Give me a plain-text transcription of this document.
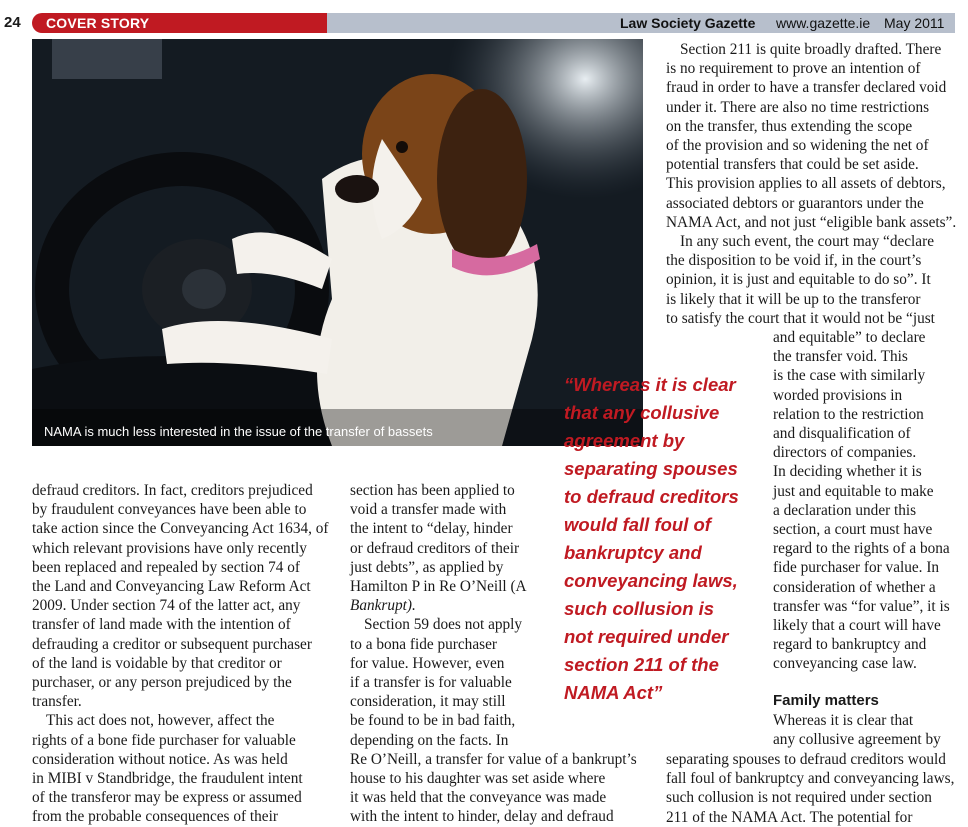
24 COVER STORY	Law Society Gazette www.gazette.ie May 2011
NAMA is much less interested in the issue of the transfer of bassets

defraud creditors. In fact, creditors prejudiced

by fraudulent conveyances have been able to

take action since the Conveyancing Act 1634, of

which relevant provisions have only recently

been replaced and repealed by section 74 of

the Land and Conveyancing Law Reform Act

2009. Under section 74 of the latter act, any

transfer of land made with the intention of

defrauding a creditor or subsequent purchaser

of the land is voidable by that creditor or

purchaser, or any person prejudiced by the

transfer.

This act does not, however, affect the

rights of a bone fide purchaser for valuable

consideration without notice. As was held

in MIBI v Standbridge, the fraudulent intent

of the transferor may be express or assumed

from the probable consequences of their

section has been applied to

void a transfer made with

the intent to “delay, hinder

or defraud creditors of their

just debts”, as applied by

Hamilton P in Re O’Neill (A

Bankrupt).

Section 59 does not apply

to a bona fide purchaser

for value. However, even

if a transfer is for valuable

consideration, it may still

be found to be in bad faith,

depending on the facts. In

Re O’Neill, a transfer for value of a bankrupt’s

house to his daughter was set aside where

it was held that the conveyance was made

with the intent to hinder, delay and defraud

“Whereas it is clear

that any collusive

agreement by

separating spouses

to defraud creditors

would fall foul of

bankruptcy and

conveyancing laws,

such collusion is

not required under

section 211 of the

NAMA Act”

Section 211 is quite broadly drafted. There

is no requirement to prove an intention of

fraud in order to have a transfer declared void

under it. There are also no time restrictions

on the transfer, thus extending the scope

of the provision and so widening the net of

potential transfers that could be set aside.

This provision applies to all assets of debtors,

associated debtors or guarantors under the

NAMA Act, and not just “eligible bank assets”.

In any such event, the court may “declare

the disposition to be void if, in the court’s

opinion, it is just and equitable to do so”. It

is likely that it will be up to the transferor

to satisfy the court that it would not be “just

and equitable” to declare

the transfer void. This

is the case with similarly

worded provisions in

relation to the restriction

and disqualification of

directors of companies.

In deciding whether it is

just and equitable to make

a declaration under this

section, a court must have

regard to the rights of a bona

fide purchaser for value. In

consideration of whether a

transfer was “for value”, it is

likely that a court will have

regard to bankruptcy and

conveyancing case law.

Family matters

Whereas it is clear that

any collusive agreement by

separating spouses to defraud creditors would

fall foul of bankruptcy and conveyancing laws,

such collusion is not required under section

211 of the NAMA Act. The potential for
